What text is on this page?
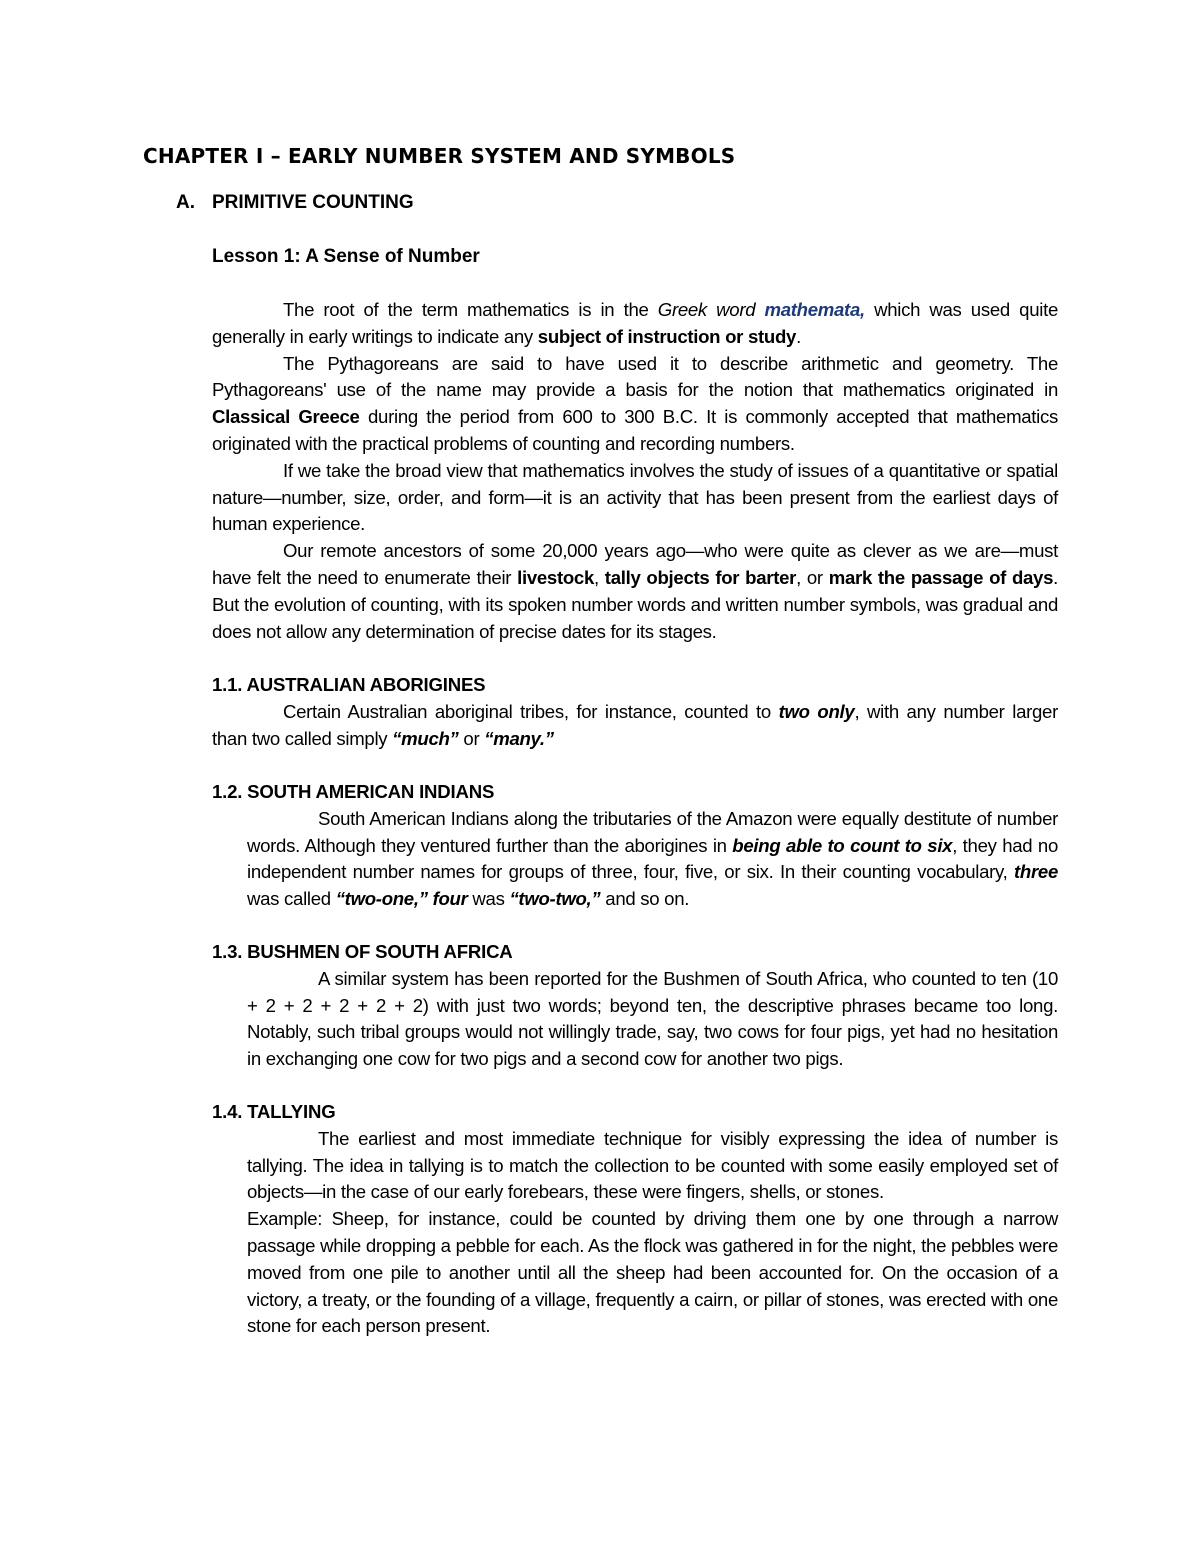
CHAPTER I – EARLY NUMBER SYSTEM AND SYMBOLS
A. PRIMITIVE COUNTING
Lesson 1: A Sense of Number

The root of the term mathematics is in the Greek word mathemata, which was used quite generally in early writings to indicate any subject of instruction or study.

The Pythagoreans are said to have used it to describe arithmetic and geometry. The Pythagoreans' use of the name may provide a basis for the notion that mathematics originated in Classical Greece during the period from 600 to 300 B.C. It is commonly accepted that mathematics originated with the practical problems of counting and recording numbers.

If we take the broad view that mathematics involves the study of issues of a quantitative or spatial nature—number, size, order, and form—it is an activity that has been present from the earliest days of human experience.

Our remote ancestors of some 20,000 years ago—who were quite as clever as we are—must have felt the need to enumerate their livestock, tally objects for barter, or mark the passage of days. But the evolution of counting, with its spoken number words and written number symbols, was gradual and does not allow any determination of precise dates for its stages.

1.1. AUSTRALIAN ABORIGINES

Certain Australian aboriginal tribes, for instance, counted to two only, with any number larger than two called simply “much” or “many.”

1.2. SOUTH AMERICAN INDIANS

South American Indians along the tributaries of the Amazon were equally destitute of number words. Although they ventured further than the aborigines in being able to count to six, they had no independent number names for groups of three, four, five, or six. In their counting vocabulary, three was called “two-one,” four was “two-two,” and so on.

1.3. BUSHMEN OF SOUTH AFRICA

A similar system has been reported for the Bushmen of South Africa, who counted to ten (10 + 2 + 2 + 2 + 2 + 2) with just two words; beyond ten, the descriptive phrases became too long. Notably, such tribal groups would not willingly trade, say, two cows for four pigs, yet had no hesitation in exchanging one cow for two pigs and a second cow for another two pigs.

1.4. TALLYING

The earliest and most immediate technique for visibly expressing the idea of number is tallying. The idea in tallying is to match the collection to be counted with some easily employed set of objects—in the case of our early forebears, these were fingers, shells, or stones.

Example: Sheep, for instance, could be counted by driving them one by one through a narrow passage while dropping a pebble for each. As the flock was gathered in for the night, the pebbles were moved from one pile to another until all the sheep had been accounted for. On the occasion of a victory, a treaty, or the founding of a village, frequently a cairn, or pillar of stones, was erected with one stone for each person present.
